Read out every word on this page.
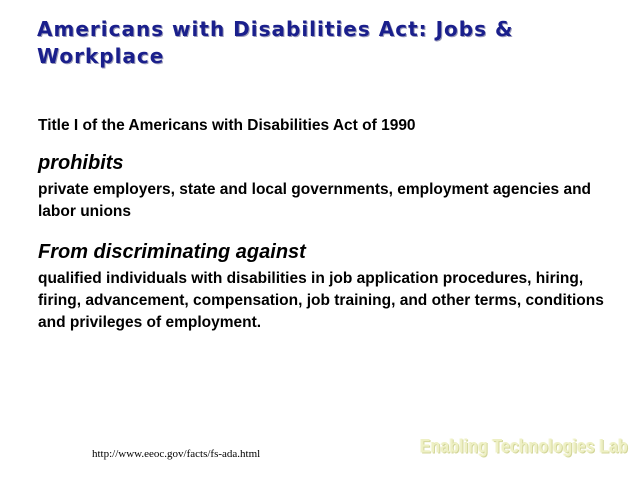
Americans with Disabilities Act: Jobs & Workplace

Title I of the Americans with Disabilities Act of 1990

prohibits

private employers, state and local governments, employment agencies and labor unions

From discriminating against

qualified individuals with disabilities in job application procedures, hiring, firing, advancement, compensation, job training, and other terms, conditions and privileges of employment.

http://www.eeoc.gov/facts/fs-ada.html	Enabling Technologies Lab
